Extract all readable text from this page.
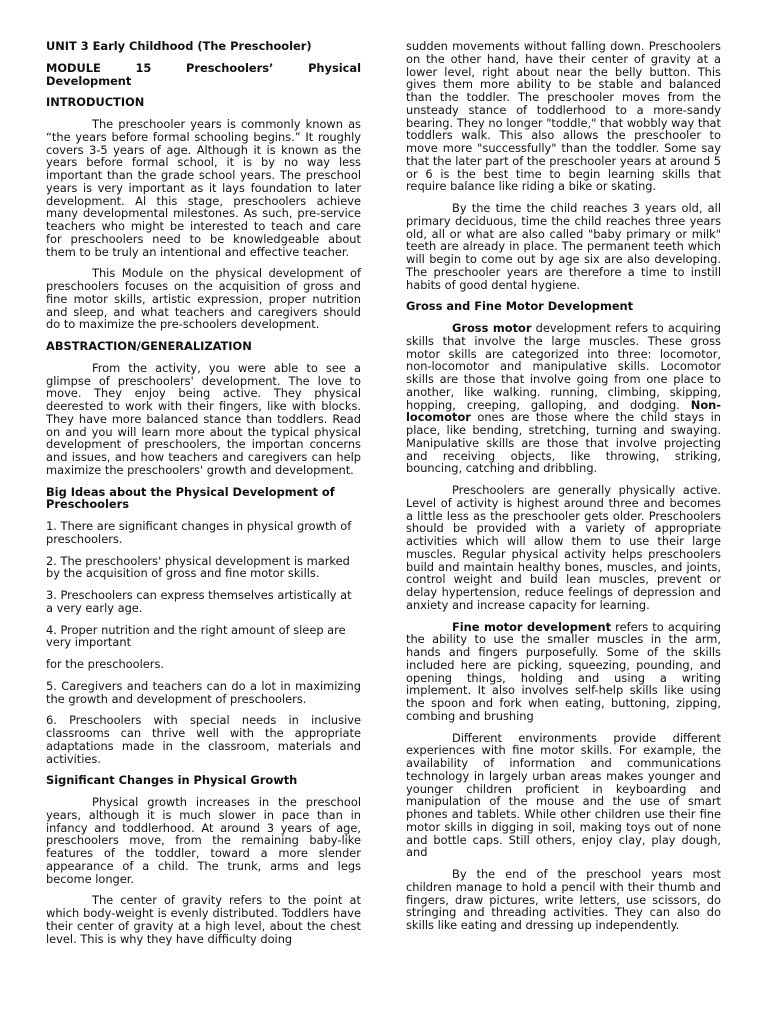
UNIT 3 Early Childhood (The Preschooler)

MODULE	15	Preschoolers’	Physical

Development

INTRODUCTION

The preschooler years is commonly known as “the years before formal schooling begins.” It roughly covers 3-5 years of age. Although it is known as the years before formal school, it is by no way less important than the grade school years. The preschool years is very important as it lays foundation to later development. Al this stage, preschoolers achieve many developmental milestones. As such, pre-service teachers who might be interested to teach and care for preschoolers need to be knowledgeable about them to be truly an intentional and effective teacher.

This Module on the physical development of preschoolers focuses on the acquisition of gross and fine motor skills, artistic expression, proper nutrition and sleep, and what teachers and caregivers should do to maximize the pre-schoolers development.

ABSTRACTION/GENERALIZATION

From the activity, you were able to see a glimpse of preschoolers' development. The love to move. They enjoy being active. They physical deerested to work with their fingers, like with blocks. They have more balanced stance than toddlers. Read on and you will learn more about the typical physical development of preschoolers, the importan concerns and issues, and how teachers and caregivers can help maximize the preschoolers' growth and development.

Big Ideas about the Physical Development of Preschoolers

1. There are significant changes in physical growth of preschoolers.

2. The preschoolers' physical development is marked by the acquisition of gross and fine motor skills.

3. Preschoolers can express themselves artistically at a very early age.

4. Proper nutrition and the right amount of sleep are very important

for the preschoolers.

5. Caregivers and teachers can do a lot in maximizing the growth and development of preschoolers.

6. Preschoolers with special needs in inclusive classrooms can thrive well with the appropriate adaptations made in the classroom, materials and activities.

Significant Changes in Physical Growth

Physical growth increases in the preschool years, although it is much slower in pace than in infancy and toddlerhood. At around 3 years of age, preschoolers move, from the remaining baby-like features of the toddler, toward a more slender appearance of a child. The trunk, arms and legs become longer.

The center of gravity refers to the point at which body-weight is evenly distributed. Toddlers have their center of gravity at a high level, about the chest level. This is why they have difficulty doing

sudden movements without falling down. Preschoolers on the other hand, have their center of gravity at a lower level, right about near the belly button. This gives them more ability to be stable and balanced than the toddler. The preschooler moves from the unsteady stance of toddlerhood to a more-sandy bearing. They no longer "toddle," that wobbly way that toddlers walk. This also allows the preschooler to move more "successfully" than the toddler. Some say that the later part of the preschooler years at around 5 or 6 is the best time to begin learning skills that require balance like riding a bike or skating.

By the time the child reaches 3 years old, all primary deciduous, time the child reaches three years old, all or what are also called "baby primary or milk" teeth are already in place. The permanent teeth which will begin to come out by age six are also developing. The preschooler years are therefore a time to instill habits of good dental hygiene.

Gross and Fine Motor Development

Gross motor development refers to acquiring skills that involve the large muscles. These gross motor skills are categorized into three: locomotor, non-locomotor and manipulative skills. Locomotor skills are those that involve going from one place to another, like walking. running, climbing, skipping, hopping, creeping, galloping, and dodging. Non-locomotor ones are those where the child stays in place, like bending, stretching, turning and swaying. Manipulative skills are those that involve projecting and receiving objects, like throwing, striking, bouncing, catching and dribbling.

Preschoolers are generally physically active. Level of activity is highest around three and becomes a little less as the preschooler gets older. Preschoolers should be provided with a variety of appropriate activities which will allow them to use their large muscles. Regular physical activity helps preschoolers build and maintain healthy bones, muscles, and joints, control weight and build lean muscles, prevent or delay hypertension, reduce feelings of depression and anxiety and increase capacity for learning.

Fine motor development refers to acquiring the ability to use the smaller muscles in the arm, hands and fingers purposefully. Some of the skills included here are picking, squeezing, pounding, and opening things, holding and using a writing implement. It also involves self-help skills like using the spoon and fork when eating, buttoning, zipping, combing and brushing

Different environments provide different experiences with fine motor skills. For example, the availability of information and communications technology in largely urban areas makes younger and younger children proficient in keyboarding and manipulation of the mouse and the use of smart phones and tablets. While other children use their fine motor skills in digging in soil, making toys out of none and bottle caps. Still others, enjoy clay, play dough, and

By the end of the preschool years most children manage to hold a pencil with their thumb and fingers, draw pictures, write letters, use scissors, do stringing and threading activities. They can also do skills like eating and dressing up independently.
